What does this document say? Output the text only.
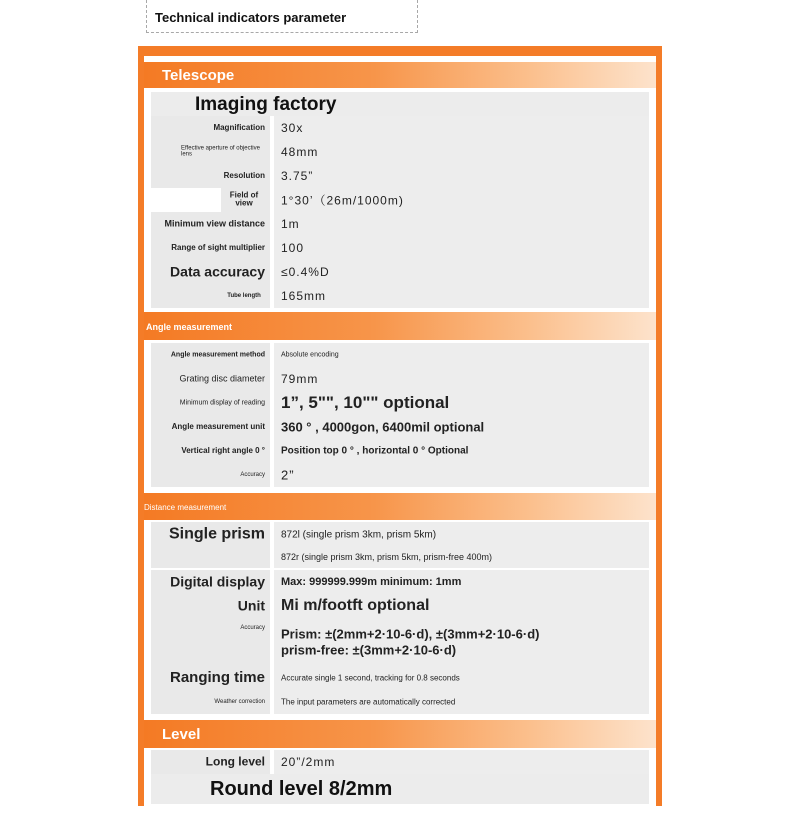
Technical indicators parameter
Telescope
Imaging factory
Magnification 30x
Effective aperture of objective lens	48mm
Resolution 3.75”
Field of view	1°30’（26m/1000m)
Minimum view distance 1m
Range of sight multiplier 100
Data accuracy ≤0.4%D
Tube length 165mm
Angle measurement
Angle measurement method Absolute encoding
Grating disc diameter 79mm
Minimum display of reading 1”, 5"", 10"" optional
Angle measurement unit 360 ° , 4000gon, 6400mil optional
Vertical right angle 0 ° Position top 0 ° , horizontal 0 ° Optional
Accuracy 2”
Distance measurement
Single prism 872l (single prism 3km, prism 5km)
872r (single prism 3km, prism 5km, prism-free 400m)
Digital display Max: 999999.999m minimum: 1mm
Unit Mi m/footft optional
Accuracy Prism: ±(2mm+2·10-6·d), ±(3mm+2·10-6·d)
prism-free: ±(3mm+2·10-6·d)
Ranging time Accurate single 1 second, tracking for 0.8 seconds
Weather correction The input parameters are automatically corrected
Level
Long level 20”/2mm
Round level 8/2mm
